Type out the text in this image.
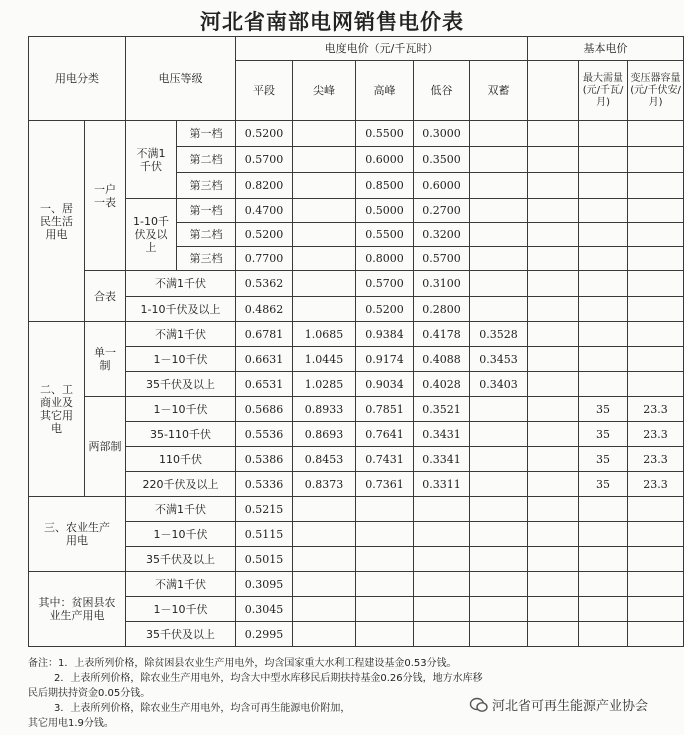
河北省南部电网销售电价表
用电分类		电压等级		电度电价（元/千瓦时）					基本电价		
				平段	尖峰	高峰	低谷	双蓄		最大需量(元/千瓦/月)	变压器容量(元/千伏安/月)
一、居民生活用电	一户一表	不满1千伏	第一档	0.5200		0.5500	0.3000				
			第二档	0.5700		0.6000	0.3500				
			第三档	0.8200		0.8500	0.6000				
		1-10千伏及以上	第一档	0.4700		0.5000	0.2700				
			第二档	0.5200		0.5500	0.3200				
			第三档	0.7700		0.8000	0.5700				
	合表	不满1千伏		0.5362		0.5700	0.3100				
		1-10千伏及以上		0.4862		0.5200	0.2800				
二、工商业及其它用电	单一制	不满1千伏		0.6781	1.0685	0.9384	0.4178	0.3528			
		1－10千伏		0.6631	1.0445	0.9174	0.4088	0.3453			
		35千伏及以上		0.6531	1.0285	0.9034	0.4028	0.3403			
	两部制	1－10千伏		0.5686	0.8933	0.7851	0.3521			35	23.3
		35-110千伏		0.5536	0.8693	0.7641	0.3431			35	23.3
		110千伏		0.5386	0.8453	0.7431	0.3341			35	23.3
		220千伏及以上		0.5336	0.8373	0.7361	0.3311			35	23.3
三、农业生产用电		不满1千伏		0.5215							
		1－10千伏		0.5115							
		35千伏及以上		0.5015							
其中：贫困县农业生产用电		不满1千伏		0.3095							
		1－10千伏		0.3045							
		35千伏及以上		0.2995							
备注：1．上表所列价格，除贫困县农业生产用电外，均含国家重大水利工程建设基金0.53分钱。
2．上表所列价格，除农业生产用电外，均含大中型水库移民后期扶持基金0.26分钱，地方水库移
民后期扶持资金0.05分钱。
3．上表所列价格，除农业生产用电外，均含可再生能源电价附加，
其它用电1.9分钱。
河北省可再生能源产业协会
